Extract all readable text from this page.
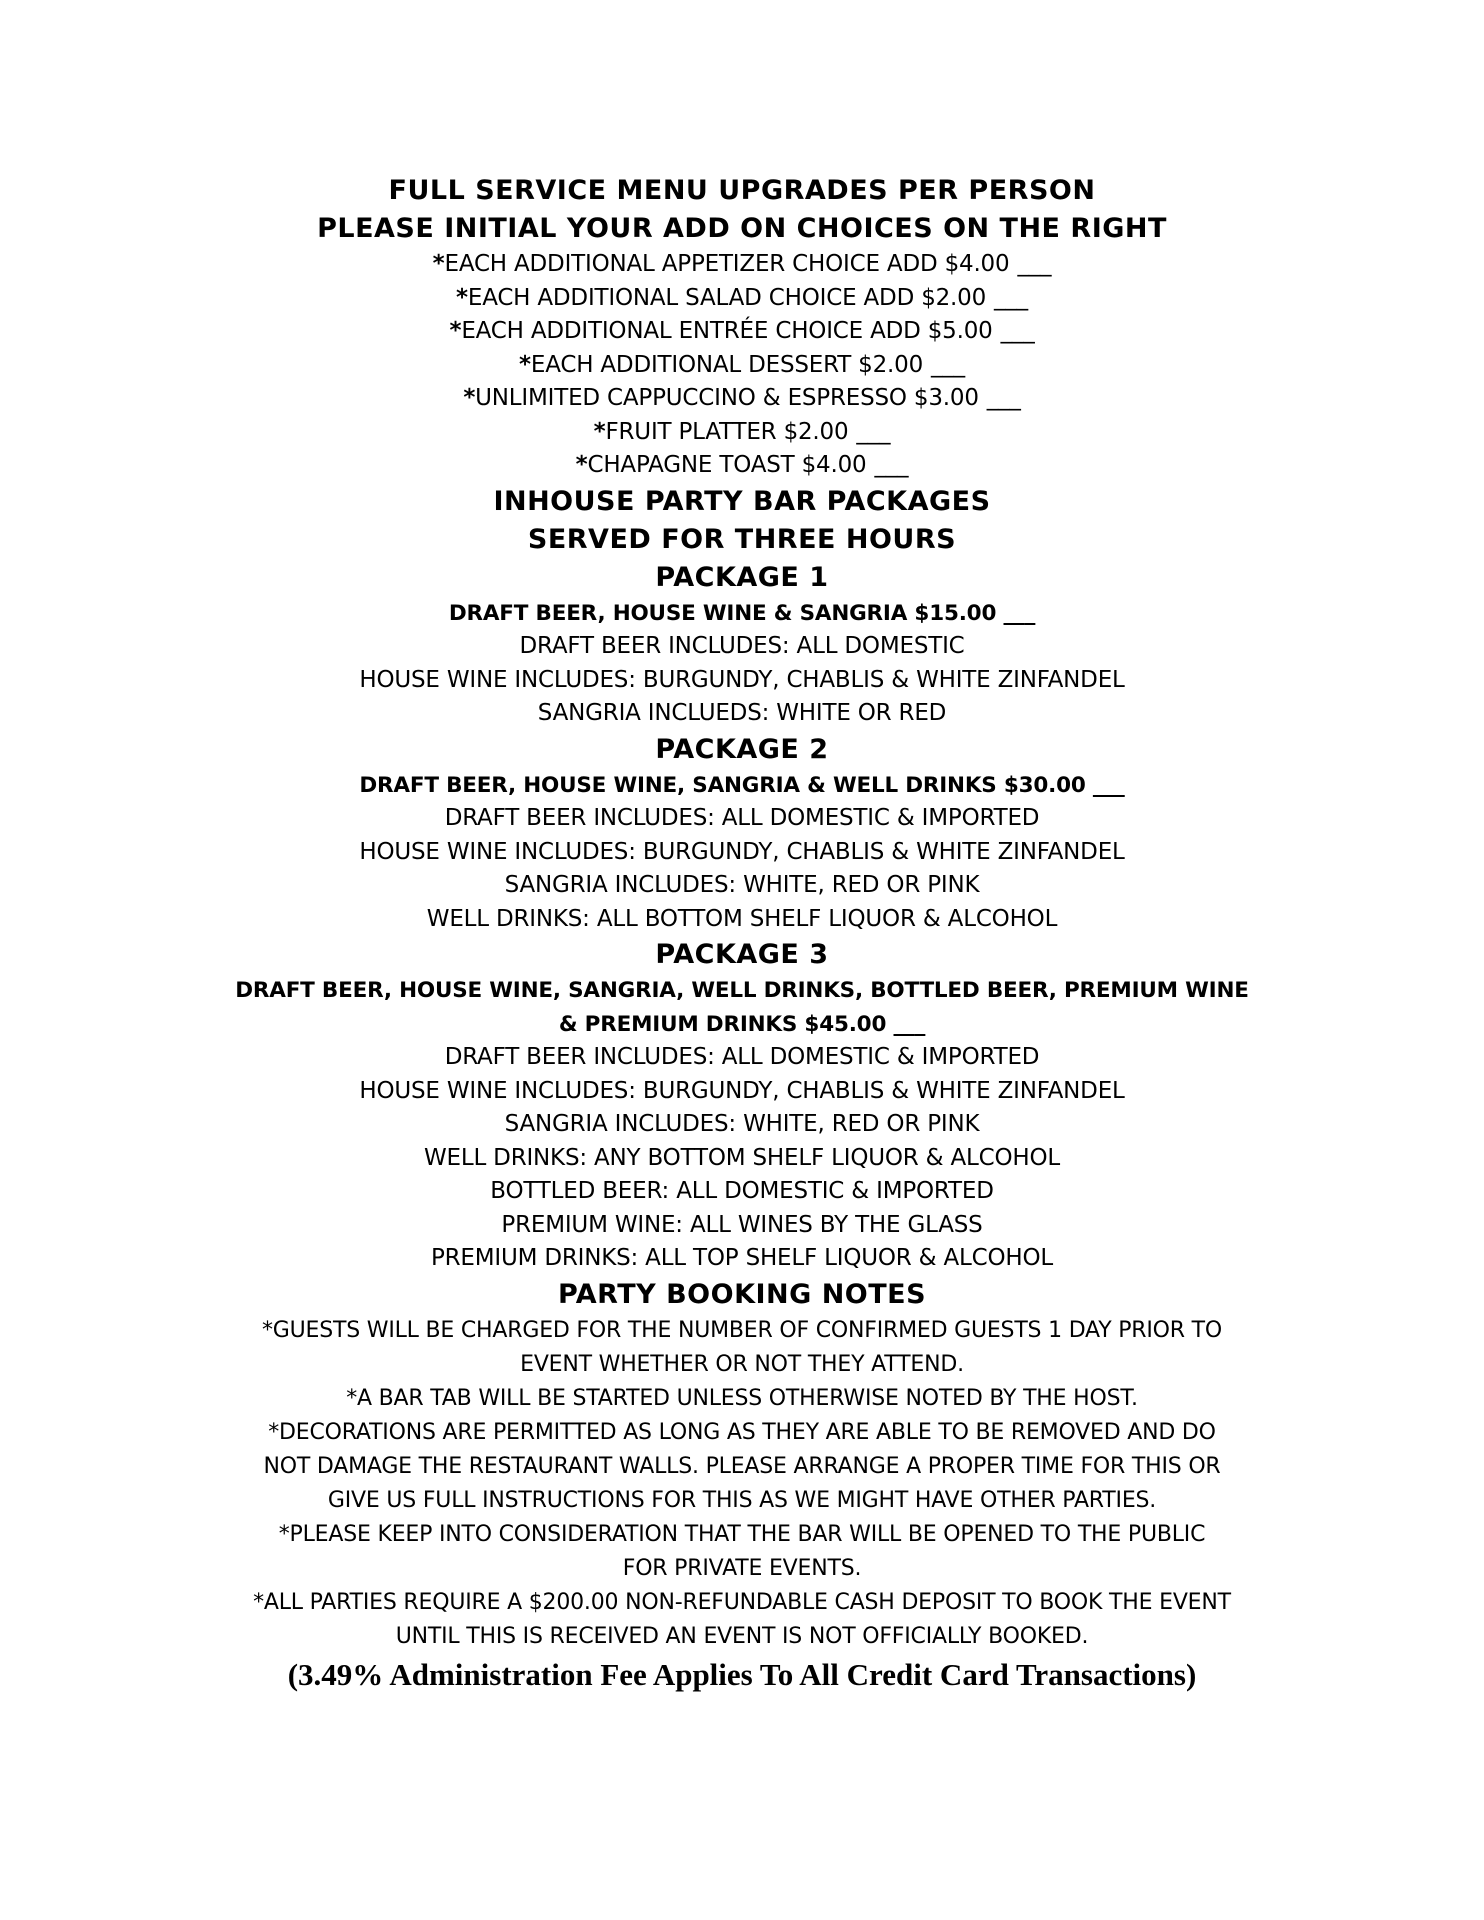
FULL SERVICE MENU UPGRADES PER PERSON
PLEASE INITIAL YOUR ADD ON CHOICES ON THE RIGHT
*EACH ADDITIONAL APPETIZER CHOICE ADD $4.00 ___
*EACH ADDITIONAL SALAD CHOICE ADD $2.00 ___
*EACH ADDITIONAL ENTRÉE CHOICE ADD $5.00 ___
*EACH ADDITIONAL DESSERT $2.00 ___
*UNLIMITED CAPPUCCINO & ESPRESSO $3.00 ___
*FRUIT PLATTER $2.00 ___
*CHAPAGNE TOAST $4.00 ___
INHOUSE PARTY BAR PACKAGES
SERVED FOR THREE HOURS
PACKAGE 1
DRAFT BEER, HOUSE WINE & SANGRIA $15.00 ___
DRAFT BEER INCLUDES: ALL DOMESTIC
HOUSE WINE INCLUDES: BURGUNDY, CHABLIS & WHITE ZINFANDEL
SANGRIA INCLUEDS: WHITE OR RED
PACKAGE 2
DRAFT BEER, HOUSE WINE, SANGRIA & WELL DRINKS $30.00 ___
DRAFT BEER INCLUDES: ALL DOMESTIC & IMPORTED
HOUSE WINE INCLUDES: BURGUNDY, CHABLIS & WHITE ZINFANDEL
SANGRIA INCLUDES: WHITE, RED OR PINK
WELL DRINKS: ALL BOTTOM SHELF LIQUOR & ALCOHOL
PACKAGE 3
DRAFT BEER, HOUSE WINE, SANGRIA, WELL DRINKS, BOTTLED BEER, PREMIUM WINE
& PREMIUM DRINKS $45.00 ___
DRAFT BEER INCLUDES: ALL DOMESTIC & IMPORTED
HOUSE WINE INCLUDES: BURGUNDY, CHABLIS & WHITE ZINFANDEL
SANGRIA INCLUDES: WHITE, RED OR PINK
WELL DRINKS: ANY BOTTOM SHELF LIQUOR & ALCOHOL
BOTTLED BEER: ALL DOMESTIC & IMPORTED
PREMIUM WINE: ALL WINES BY THE GLASS
PREMIUM DRINKS: ALL TOP SHELF LIQUOR & ALCOHOL
PARTY BOOKING NOTES
*GUESTS WILL BE CHARGED FOR THE NUMBER OF CONFIRMED GUESTS 1 DAY PRIOR TO
EVENT WHETHER OR NOT THEY ATTEND.
*A BAR TAB WILL BE STARTED UNLESS OTHERWISE NOTED BY THE HOST.
*DECORATIONS ARE PERMITTED AS LONG AS THEY ARE ABLE TO BE REMOVED AND DO
NOT DAMAGE THE RESTAURANT WALLS. PLEASE ARRANGE A PROPER TIME FOR THIS OR
GIVE US FULL INSTRUCTIONS FOR THIS AS WE MIGHT HAVE OTHER PARTIES.
*PLEASE KEEP INTO CONSIDERATION THAT THE BAR WILL BE OPENED TO THE PUBLIC
FOR PRIVATE EVENTS.
*ALL PARTIES REQUIRE A $200.00 NON-REFUNDABLE CASH DEPOSIT TO BOOK THE EVENT
UNTIL THIS IS RECEIVED AN EVENT IS NOT OFFICIALLY BOOKED.
(3.49% Administration Fee Applies To All Credit Card Transactions)
